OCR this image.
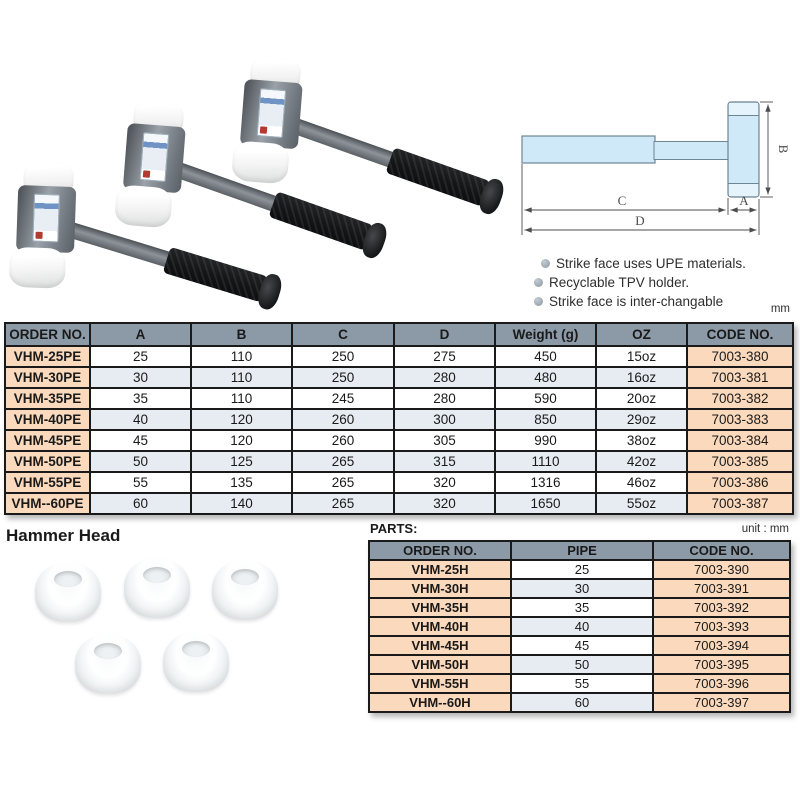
B
C	A
D
Strike face uses UPE materials.
Recyclable TPV holder.
Strike face is inter-changable	mm
ORDER NO.	A	B	C	D	Weight (g)	OZ	CODE NO.
VHM-25PE	25	110	250	275	450	15oz	7003-380
VHM-30PE	30	110	250	280	480	16oz	7003-381
VHM-35PE	35	110	245	280	590	20oz	7003-382
VHM-40PE	40	120	260	300	850	29oz	7003-383
VHM-45PE	45	120	260	305	990	38oz	7003-384
VHM-50PE	50	125	265	315	1110	42oz	7003-385
VHM-55PE	55	135	265	320	1316	46oz	7003-386
VHM--60PE	60	140	265	320	1650	55oz	7003-387
Hammer Head	PARTS:	unit : mm
ORDER NO.	PIPE	CODE NO.
VHM-25H	25	7003-390
VHM-30H	30	7003-391
VHM-35H	35	7003-392
VHM-40H	40	7003-393
VHM-45H	45	7003-394
VHM-50H	50	7003-395
VHM-55H	55	7003-396
VHM--60H	60	7003-397
